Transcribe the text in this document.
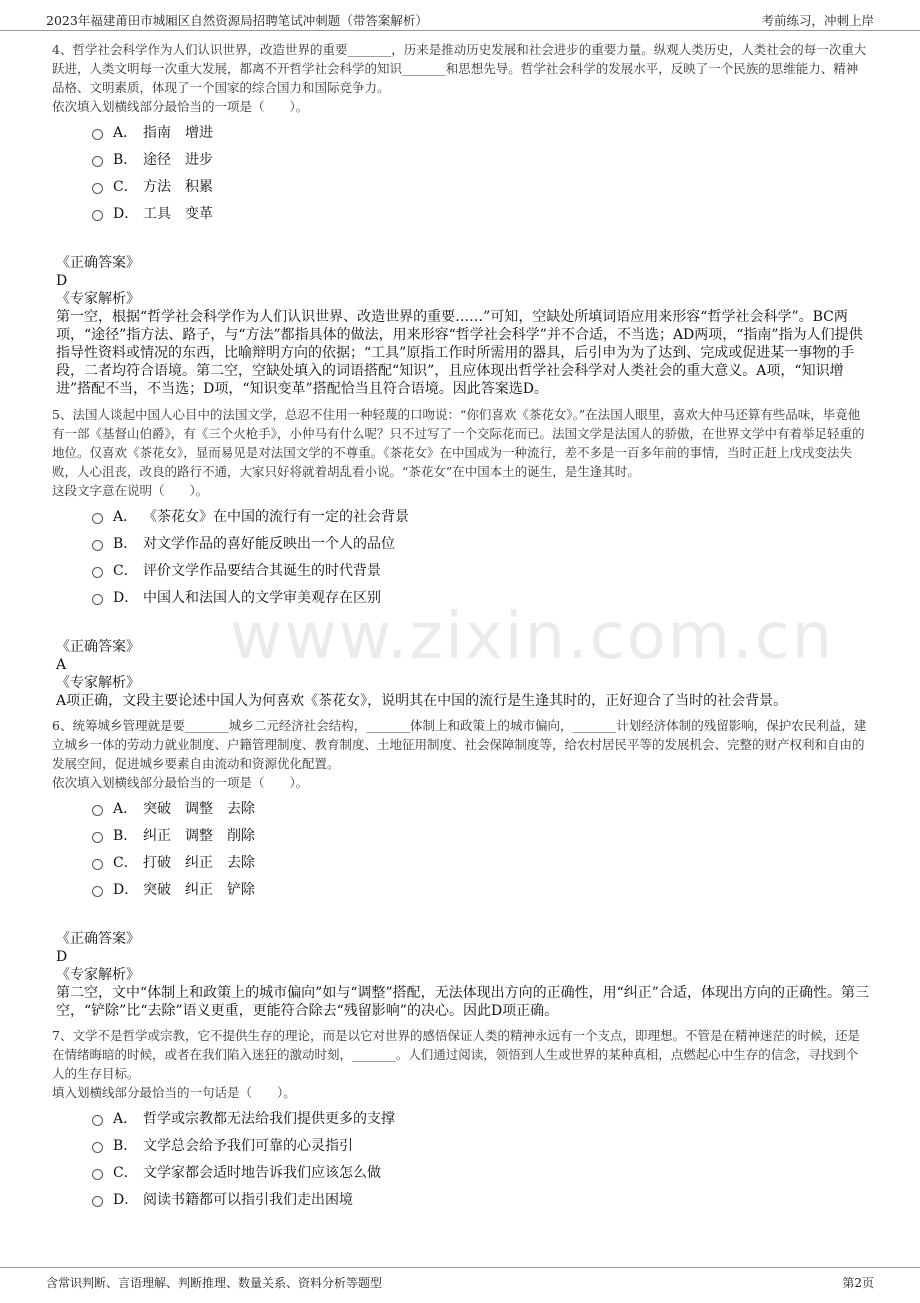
2023年福建莆田市城厢区自然资源局招聘笔试冲刺题（带答案解析）	考前练习，冲刺上岸
www.zixin.com.cn

4、哲学社会科学作为人们认识世界，改造世界的重要_______，历来是推动历史发展和社会进步的重要力量。纵观人类历史，人类社会的每一次重大跃进，人类文明每一次重大发展，都离不开哲学社会科学的知识_______和思想先导。哲学社会科学的发展水平，反映了一个民族的思维能力、精神品格、文明素质，体现了一个国家的综合国力和国际竞争力。

依次填入划横线部分最恰当的一项是（　　）。

A． 指南　增进
B． 途径　进步
C． 方法　积累
D． 工具　变革

《正确答案》

D

《专家解析》

第一空，根据“哲学社会科学作为人们认识世界、改造世界的重要……”可知，空缺处所填词语应用来形容“哲学社会科学”。BC两项，“途径”指方法、路子，与“方法”都指具体的做法，用来形容“哲学社会科学”并不合适，不当选；AD两项，“指南”指为人们提供指导性资料或情况的东西，比喻辩明方向的依据；“工具”原指工作时所需用的器具，后引申为为了达到、完成或促进某一事物的手段，二者均符合语境。第二空，空缺处填入的词语搭配“知识”，且应体现出哲学社会科学对人类社会的重大意义。A项，“知识增进”搭配不当，不当选；D项，“知识变革”搭配恰当且符合语境。因此答案选D。

5、法国人谈起中国人心目中的法国文学，总忍不住用一种轻蔑的口吻说：“你们喜欢《茶花女》。”在法国人眼里，喜欢大仲马还算有些品味，毕竟他有一部《基督山伯爵》，有《三个火枪手》，小仲马有什么呢？只不过写了一个交际花而已。法国文学是法国人的骄傲，在世界文学中有着举足轻重的地位。仅喜欢《茶花女》，显而易见是对法国文学的不尊重。《茶花女》在中国成为一种流行，差不多是一百多年前的事情，当时正赶上戊戌变法失败，人心沮丧，改良的路行不通，大家只好将就着胡乱看小说。“茶花女”在中国本土的诞生，是生逢其时。

这段文字意在说明（　　）。

A． 《茶花女》在中国的流行有一定的社会背景
B． 对文学作品的喜好能反映出一个人的品位
C． 评价文学作品要结合其诞生的时代背景
D． 中国人和法国人的文学审美观存在区别

《正确答案》

A

《专家解析》

A项正确，文段主要论述中国人为何喜欢《茶花女》，说明其在中国的流行是生逢其时的，正好迎合了当时的社会背景。

6、统筹城乡管理就是要_______城乡二元经济社会结构，_______体制上和政策上的城市偏向，_______计划经济体制的残留影响，保护农民利益，建立城乡一体的劳动力就业制度、户籍管理制度、教育制度、土地征用制度、社会保障制度等，给农村居民平等的发展机会、完整的财产权利和自由的发展空间，促进城乡要素自由流动和资源优化配置。

依次填入划横线部分最恰当的一项是（　　）。

A． 突破　调整　去除
B． 纠正　调整　削除
C． 打破　纠正　去除
D． 突破　纠正　铲除

《正确答案》

D

《专家解析》

第二空，文中“体制上和政策上的城市偏向”如与“调整”搭配，无法体现出方向的正确性，用“纠正”合适，体现出方向的正确性。第三空，“铲除”比“去除”语义更重，更能符合除去“残留影响”的决心。因此D项正确。

7、文学不是哲学或宗教，它不提供生存的理论，而是以它对世界的感悟保证人类的精神永远有一个支点，即理想。不管是在精神迷茫的时候，还是在情绪晦暗的时候，或者在我们陷入迷狂的激动时刻，_______。人们通过阅读，领悟到人生或世界的某种真相，点燃起心中生存的信念，寻找到个人的生存目标。

填入划横线部分最恰当的一句话是（　　）。

A． 哲学或宗教都无法给我们提供更多的支撑
B． 文学总会给予我们可靠的心灵指引
C． 文学家都会适时地告诉我们应该怎么做
D． 阅读书籍都可以指引我们走出困境
含常识判断、言语理解、判断推理、数量关系、资料分析等题型	第2页
